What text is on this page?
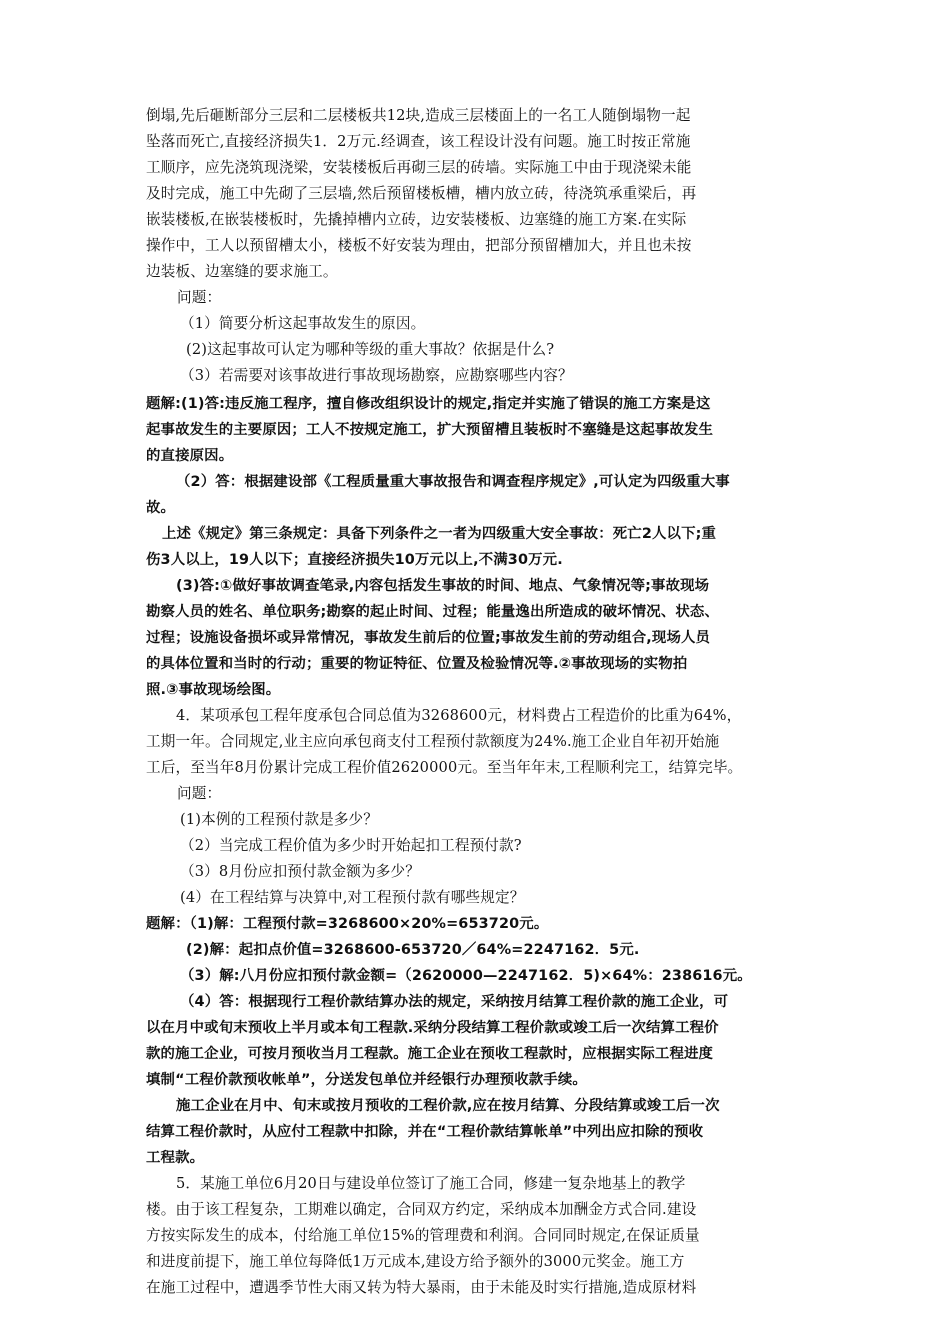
倒塌,先后砸断部分三层和二层楼板共12块,造成三层楼面上的一名工人随倒塌物一起
坠落而死亡,直接经济损失1．2万元.经调查，该工程设计没有问题。施工时按正常施
工顺序，应先浇筑现浇梁，安装楼板后再砌三层的砖墙。实际施工中由于现浇梁未能
及时完成，施工中先砌了三层墙,然后预留楼板槽，槽内放立砖，待浇筑承重梁后，再
嵌装楼板,在嵌装楼板时，先撬掉槽内立砖，边安装楼板、边塞缝的施工方案.在实际
操作中，工人以预留槽太小，楼板不好安装为理由，把部分预留槽加大，并且也未按
边装板、边塞缝的要求施工。
问题：
（1）简要分析这起事故发生的原因。
(2)这起事故可认定为哪种等级的重大事故？依据是什么?
（3）若需要对该事故进行事故现场勘察，应勘察哪些内容？
题解:(1)答:违反施工程序，擅自修改组织设计的规定,指定并实施了错误的施工方案是这
起事故发生的主要原因；工人不按规定施工，扩大预留槽且装板时不塞缝是这起事故发生
的直接原因。
（2）答：根据建设部《工程质量重大事故报告和调查程序规定》,可认定为四级重大事
故。
上述《规定》第三条规定：具备下列条件之一者为四级重大安全事故：死亡2人以下;重
伤3人以上，19人以下；直接经济损失10万元以上,不满30万元.
(3)答:①做好事故调查笔录,内容包括发生事故的时间、地点、气象情况等;事故现场
勘察人员的姓名、单位职务;勘察的起止时间、过程；能量逸出所造成的破坏情况、状态、
过程；设施设备损坏或异常情况，事故发生前后的位置;事故发生前的劳动组合,现场人员
的具体位置和当时的行动；重要的物证特征、位置及检验情况等.②事故现场的实物拍
照.③事故现场绘图。
4．某项承包工程年度承包合同总值为3268600元，材料费占工程造价的比重为64%，
工期一年。合同规定,业主应向承包商支付工程预付款额度为24%.施工企业自年初开始施
工后，至当年8月份累计完成工程价值2620000元。至当年年末,工程顺利完工，结算完毕。
问题：
(1)本例的工程预付款是多少？
（2）当完成工程价值为多少时开始起扣工程预付款?
（3）8月份应扣预付款金额为多少？
(4）在工程结算与决算中,对工程预付款有哪些规定？
题解：（1)解：工程预付款=3268600×20%=653720元。
(2)解：起扣点价值=3268600-653720／64%=2247162．5元.
（3）解:八月份应扣预付款金额=（2620000—2247162．5)×64%：238616元。
（4）答：根据现行工程价款结算办法的规定，采纳按月结算工程价款的施工企业，可
以在月中或旬末预收上半月或本旬工程款.采纳分段结算工程价款或竣工后一次结算工程价
款的施工企业，可按月预收当月工程款。施工企业在预收工程款时，应根据实际工程进度
填制“工程价款预收帐单”，分送发包单位并经银行办理预收款手续。
施工企业在月中、旬末或按月预收的工程价款,应在按月结算、分段结算或竣工后一次
结算工程价款时，从应付工程款中扣除，并在“工程价款结算帐单”中列出应扣除的预收
工程款。
5．某施工单位6月20日与建设单位签订了施工合同，修建一复杂地基上的教学
楼。由于该工程复杂，工期难以确定，合同双方约定，采纳成本加酬金方式合同.建设
方按实际发生的成本，付给施工单位15%的管理费和利润。合同同时规定,在保证质量
和进度前提下，施工单位每降低1万元成本,建设方给予额外的3000元奖金。施工方
在施工过程中，遭遇季节性大雨又转为特大暴雨，由于未能及时实行措施,造成原材料
